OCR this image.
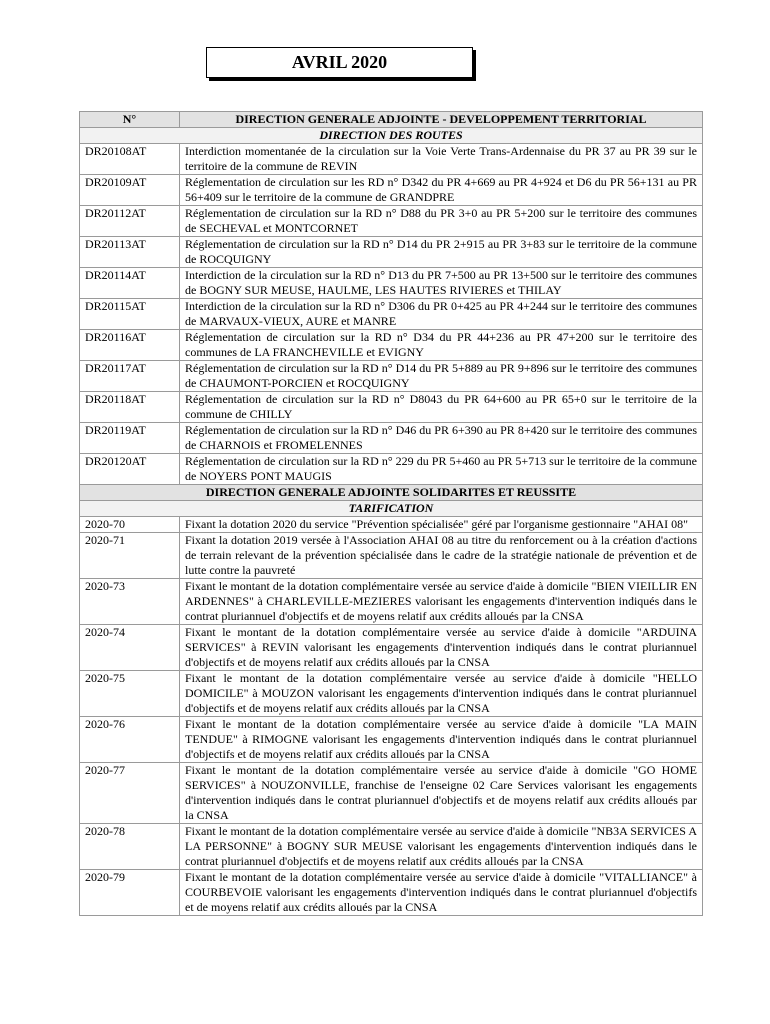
AVRIL 2020
N°	DIRECTION GENERALE ADJOINTE - DEVELOPPEMENT TERRITORIAL
DIRECTION DES ROUTES	
DR20108AT	Interdiction momentanée de la circulation sur la Voie Verte Trans-Ardennaise du PR 37 au PR 39 sur le territoire de la commune de REVIN
DR20109AT	Réglementation de circulation sur les RD n° D342 du PR 4+669 au PR 4+924 et D6 du PR 56+131 au PR 56+409 sur le territoire de la commune de GRANDPRE
DR20112AT	Réglementation de circulation sur la RD n° D88 du PR 3+0 au PR 5+200 sur le territoire des communes de SECHEVAL et MONTCORNET
DR20113AT	Réglementation de circulation sur la RD n° D14 du PR 2+915 au PR 3+83 sur le territoire de la commune de ROCQUIGNY
DR20114AT	Interdiction de la circulation sur la RD n° D13 du PR 7+500 au PR 13+500 sur le territoire des communes de BOGNY SUR MEUSE, HAULME, LES HAUTES RIVIERES et THILAY
DR20115AT	Interdiction de la circulation sur la RD n° D306 du PR 0+425 au PR 4+244 sur le territoire des communes de MARVAUX-VIEUX, AURE et MANRE
DR20116AT	Réglementation de circulation sur la RD n° D34 du PR 44+236 au PR 47+200 sur le territoire des communes de LA FRANCHEVILLE et EVIGNY
DR20117AT	Réglementation de circulation sur la RD n° D14 du PR 5+889 au PR 9+896 sur le territoire des communes de CHAUMONT-PORCIEN et ROCQUIGNY
DR20118AT	Réglementation de circulation sur la RD n° D8043 du PR 64+600 au PR 65+0 sur le territoire de la commune de CHILLY
DR20119AT	Réglementation de circulation sur la RD n° D46 du PR 6+390 au PR 8+420 sur le territoire des communes de CHARNOIS et FROMELENNES
DR20120AT	Réglementation de circulation sur la RD n° 229 du PR 5+460 au PR 5+713 sur le territoire de la commune de NOYERS PONT MAUGIS
DIRECTION GENERALE ADJOINTE SOLIDARITES ET REUSSITE	
TARIFICATION	
2020-70	Fixant la dotation 2020 du service "Prévention spécialisée" géré par l'organisme gestionnaire "AHAI 08"
2020-71	Fixant la dotation 2019 versée à l'Association AHAI 08 au titre du renforcement ou à la création d'actions de terrain relevant de la prévention spécialisée dans le cadre de la stratégie nationale de prévention et de lutte contre la pauvreté
2020-73	Fixant le montant de la dotation complémentaire versée au service d'aide à domicile "BIEN VIEILLIR EN ARDENNES" à CHARLEVILLE-MEZIERES valorisant les engagements d'intervention indiqués dans le contrat pluriannuel d'objectifs et de moyens relatif aux crédits alloués par la CNSA
2020-74	Fixant le montant de la dotation complémentaire versée au service d'aide à domicile "ARDUINA SERVICES" à REVIN valorisant les engagements d'intervention indiqués dans le contrat pluriannuel d'objectifs et de moyens relatif aux crédits alloués par la CNSA
2020-75	Fixant le montant de la dotation complémentaire versée au service d'aide à domicile "HELLO DOMICILE" à MOUZON valorisant les engagements d'intervention indiqués dans le contrat pluriannuel d'objectifs et de moyens relatif aux crédits alloués par la CNSA
2020-76	Fixant le montant de la dotation complémentaire versée au service d'aide à domicile "LA MAIN TENDUE" à RIMOGNE valorisant les engagements d'intervention indiqués dans le contrat pluriannuel d'objectifs et de moyens relatif aux crédits alloués par la CNSA
2020-77	Fixant le montant de la dotation complémentaire versée au service d'aide à domicile "GO HOME SERVICES" à NOUZONVILLE, franchise de l'enseigne 02 Care Services valorisant les engagements d'intervention indiqués dans le contrat pluriannuel d'objectifs et de moyens relatif aux crédits alloués par la CNSA
2020-78	Fixant le montant de la dotation complémentaire versée au service d'aide à domicile "NB3A SERVICES A LA PERSONNE" à BOGNY SUR MEUSE valorisant les engagements d'intervention indiqués dans le contrat pluriannuel d'objectifs et de moyens relatif aux crédits alloués par la CNSA
2020-79	Fixant le montant de la dotation complémentaire versée au service d'aide à domicile "VITALLIANCE" à COURBEVOIE valorisant les engagements d'intervention indiqués dans le contrat pluriannuel d'objectifs et de moyens relatif aux crédits alloués par la CNSA
